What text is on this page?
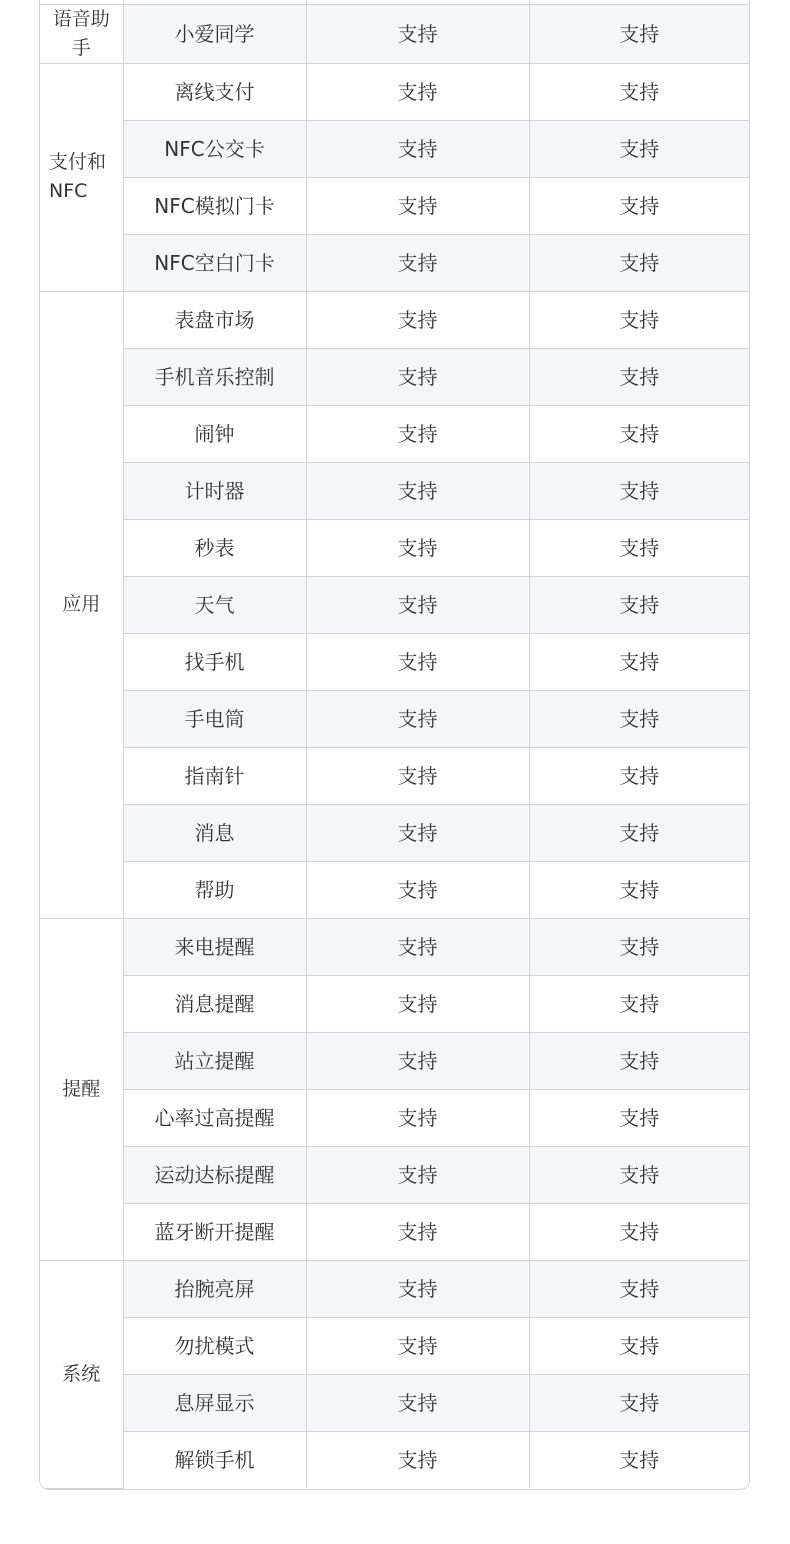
语音助手	小爱同学	支持	支持
支付和NFC	离线支付	支持	支持
	NFC公交卡	支持	支持
	NFC模拟门卡	支持	支持
	NFC空白门卡	支持	支持
应用	表盘市场	支持	支持
	手机音乐控制	支持	支持
	闹钟	支持	支持
	计时器	支持	支持
	秒表	支持	支持
	天气	支持	支持
	找手机	支持	支持
	手电筒	支持	支持
	指南针	支持	支持
	消息	支持	支持
	帮助	支持	支持
提醒	来电提醒	支持	支持
	消息提醒	支持	支持
	站立提醒	支持	支持
	心率过高提醒	支持	支持
	运动达标提醒	支持	支持
	蓝牙断开提醒	支持	支持
系统	抬腕亮屏	支持	支持
	勿扰模式	支持	支持
	息屏显示	支持	支持
	解锁手机	支持	支持
